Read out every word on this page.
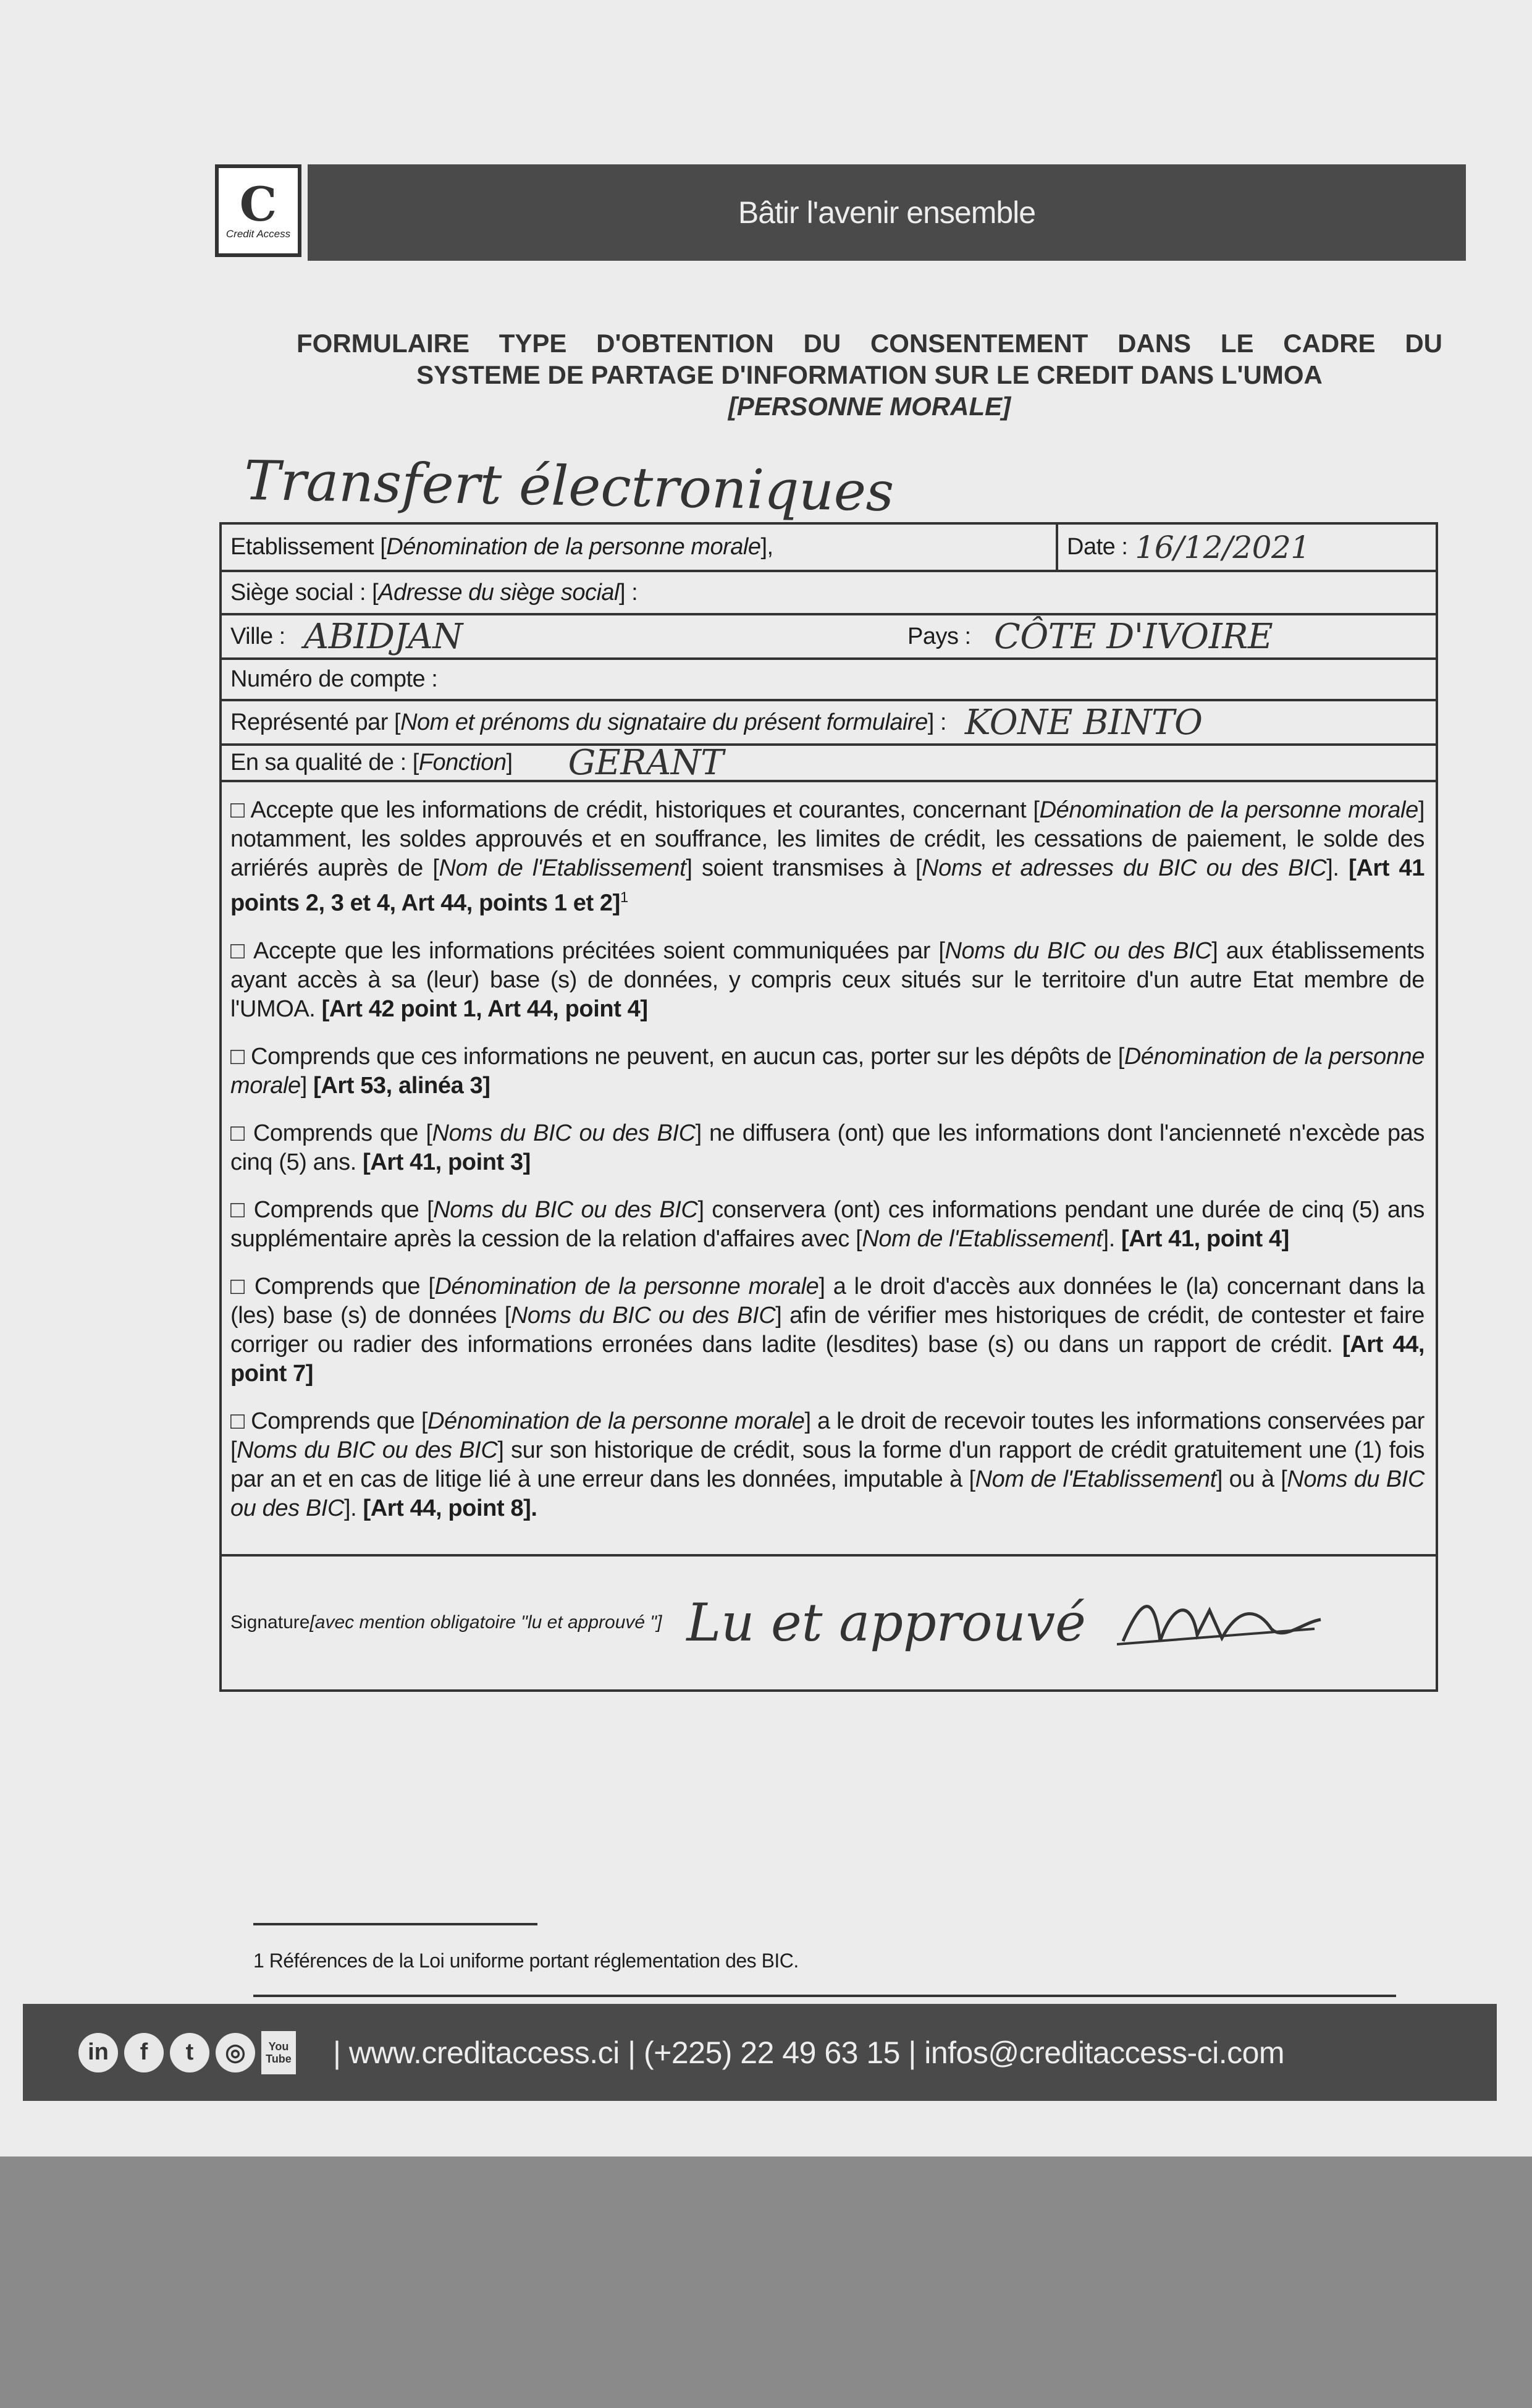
C
Credit Access
Bâtir l'avenir ensemble
FORMULAIRE TYPE D'OBTENTION DU CONSENTEMENT DANS LE CADRE DU
SYSTEME DE PARTAGE D'INFORMATION SUR LE CREDIT DANS L'UMOA
[PERSONNE MORALE]
Transfert électroniques
Etablissement [ Dénomination de la personne morale ],	Date : 16/12/2021
Siège social : [ Adresse du siège social ] :
Ville : ABIDJAN	Pays : CÔTE D'IVOIRE
Numéro de compte :
Représenté par [ Nom et prénoms du signataire du présent formulaire ] : KONE BINTO
En sa qualité de : [ Fonction ] GERANT
□ Accepte que les informations de crédit, historiques et courantes, concernant [Dénomination de la personne morale] notamment, les soldes approuvés et en souffrance, les limites de crédit, les cessations de paiement, le solde des arriérés auprès de [Nom de l'Etablissement] soient transmises à [Noms et adresses du BIC ou des BIC]. [Art 41 points 2, 3 et 4, Art 44, points 1 et 2]$^1$
□ Accepte que les informations précitées soient communiquées par [Noms du BIC ou des BIC] aux établissements ayant accès à sa (leur) base (s) de données, y compris ceux situés sur le territoire d'un autre Etat membre de l'UMOA. [Art 42 point 1, Art 44, point 4]
□ Comprends que ces informations ne peuvent, en aucun cas, porter sur les dépôts de [Dénomination de la personne morale] [Art 53, alinéa 3]
□ Comprends que [Noms du BIC ou des BIC] ne diffusera (ont) que les informations dont l'ancienneté n'excède pas cinq (5) ans. [Art 41, point 3]
□ Comprends que [Noms du BIC ou des BIC] conservera (ont) ces informations pendant une durée de cinq (5) ans supplémentaire après la cession de la relation d'affaires avec [Nom de l'Etablissement]. [Art 41, point 4]
□ Comprends que [Dénomination de la personne morale] a le droit d'accès aux données le (la) concernant dans la (les) base (s) de données [Noms du BIC ou des BIC] afin de vérifier mes historiques de crédit, de contester et faire corriger ou radier des informations erronées dans ladite (lesdites) base (s) ou dans un rapport de crédit. [Art 44, point 7]
□ Comprends que [Dénomination de la personne morale] a le droit de recevoir toutes les informations conservées par [Noms du BIC ou des BIC] sur son historique de crédit, sous la forme d'un rapport de crédit gratuitement une (1) fois par an et en cas de litige lié à une erreur dans les données, imputable à [Nom de l'Etablissement] ou à [Noms du BIC ou des BIC]. [Art 44, point 8].
Signature [avec mention obligatoire "lu et approuvé "] Lu et approuvé
1 Références de la Loi uniforme portant réglementation des BIC.
in	f	t	◎	You Tube | www.creditaccess.ci | (+225) 22 49 63 15 | infos@creditaccess-ci.com
